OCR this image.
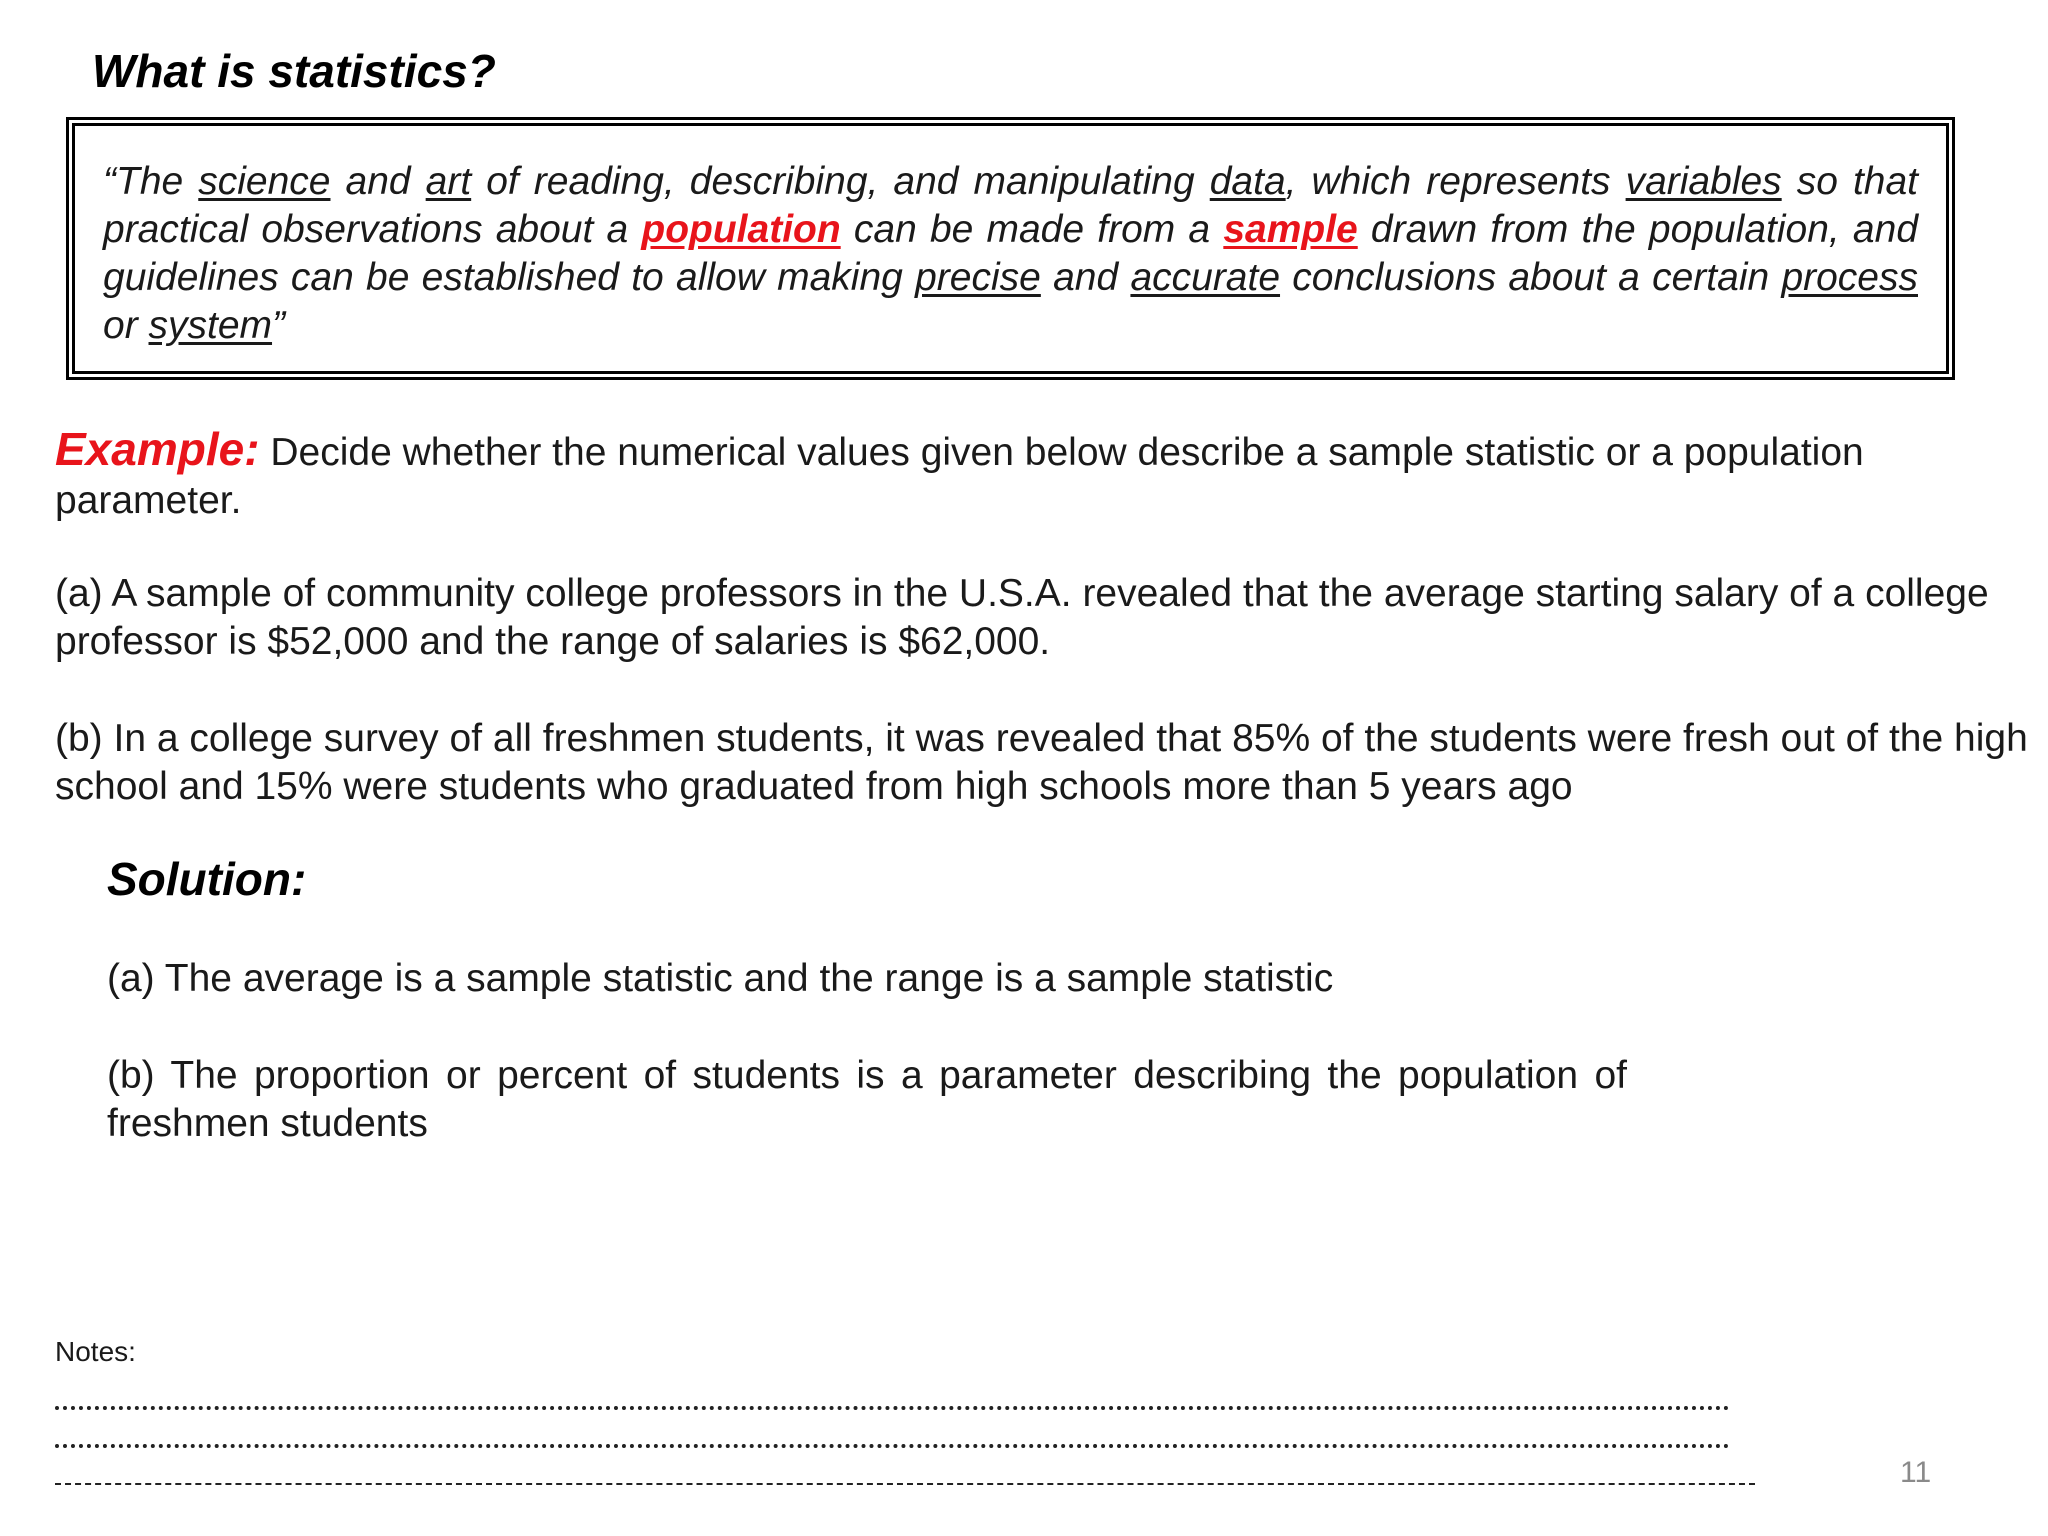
What is statistics?

“The science and art of reading, describing, and manipulating data, which represents variables so that practical observations about a population can be made from a sample drawn from the population, and guidelines can be established to allow making precise and accurate conclusions about a certain process or system”

Example: Decide whether the numerical values given below describe a sample statistic or a population parameter.

(a) A sample of community college professors in the U.S.A. revealed that the average starting salary of a college professor is $52,000 and the range of salaries is $62,000.

(b) In a college survey of all freshmen students, it was revealed that 85% of the students were fresh out of the high school and 15% were students who graduated from high schools more than 5 years ago

Solution:

(a) The average is a sample statistic and the range is a sample statistic

(b) The proportion or percent of students is a parameter describing the population of freshmen students

Notes:

11
